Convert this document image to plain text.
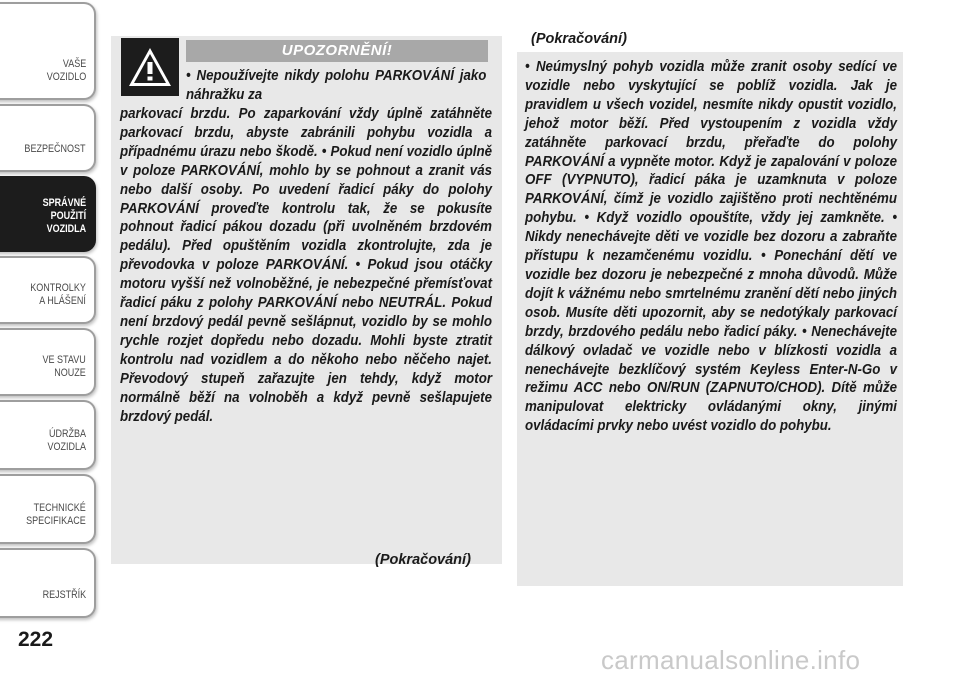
VAŠE
VOZIDLO
BEZPEČNOST
SPRÁVNÉ
POUŽITÍ
VOZIDLA
KONTROLKY
A HLÁŠENÍ
VE STAVU
NOUZE
ÚDRŽBA
VOZIDLA
TECHNICKÉ
SPECIFIKACE
REJSTŘÍK
222
UPOZORNĚNÍ!
• Nepoužívejte nikdy polohu PARKOVÁNÍ jako náhražku za
parkovací brzdu. Po zaparkování vždy úplně zatáhněte parkovací brzdu, abyste zabránili pohybu vozidla a případnému úrazu nebo škodě. • Pokud není vozidlo úplně v poloze PARKOVÁNÍ, mohlo by se pohnout a zranit vás nebo další osoby. Po uvedení řadicí páky do polohy PARKOVÁNÍ proveďte kontrolu tak, že se pokusíte pohnout řadicí pákou dozadu (při uvolněném brzdovém pedálu). Před opuštěním vozidla zkontrolujte, zda je převodovka v poloze PARKOVÁNÍ. • Pokud jsou otáčky motoru vyšší než volnoběžné, je nebezpečné přemísťovat řadicí páku z polohy PARKOVÁNÍ nebo NEUTRÁL. Pokud není brzdový pedál pevně sešlápnut, vozidlo by se mohlo rychle rozjet dopředu nebo dozadu. Mohli byste ztratit kontrolu nad vozidlem a do někoho nebo něčeho najet. Převodový stupeň zařazujte jen tehdy, když motor normálně běží na volnoběh a když pevně sešlapujete brzdový pedál.
(Pokračování)
(Pokračování)
• Neúmyslný pohyb vozidla může zranit osoby sedící ve vozidle nebo vyskytující se poblíž vozidla. Jak je pravidlem u všech vozidel, nesmíte nikdy opustit vozidlo, jehož motor běží. Před vystoupením z vozidla vždy zatáhněte parkovací brzdu, přeřaďte do polohy PARKOVÁNÍ a vypněte motor. Když je zapalování v poloze OFF (VYPNUTO), řadicí páka je uzamknuta v poloze PARKOVÁNÍ, čímž je vozidlo zajištěno proti nechtěnému pohybu. • Když vozidlo opouštíte, vždy jej zamkněte. • Nikdy nenechávejte děti ve vozidle bez dozoru a zabraňte přístupu k nezamčenému vozidlu. • Ponechání dětí ve vozidle bez dozoru je nebezpečné z mnoha důvodů. Může dojít k vážnému nebo smrtelnému zranění dětí nebo jiných osob. Musíte děti upozornit, aby se nedotýkaly parkovací brzdy, brzdového pedálu nebo řadicí páky. • Nenechávejte dálkový ovladač ve vozidle nebo v blízkosti vozidla a nenechávejte bezklíčový systém Keyless Enter-N-Go v režimu ACC nebo ON/RUN (ZAPNUTO/CHOD). Dítě může manipulovat elektricky ovládanými okny, jinými ovládacími prvky nebo uvést vozidlo do pohybu.
carmanualsonline.info
